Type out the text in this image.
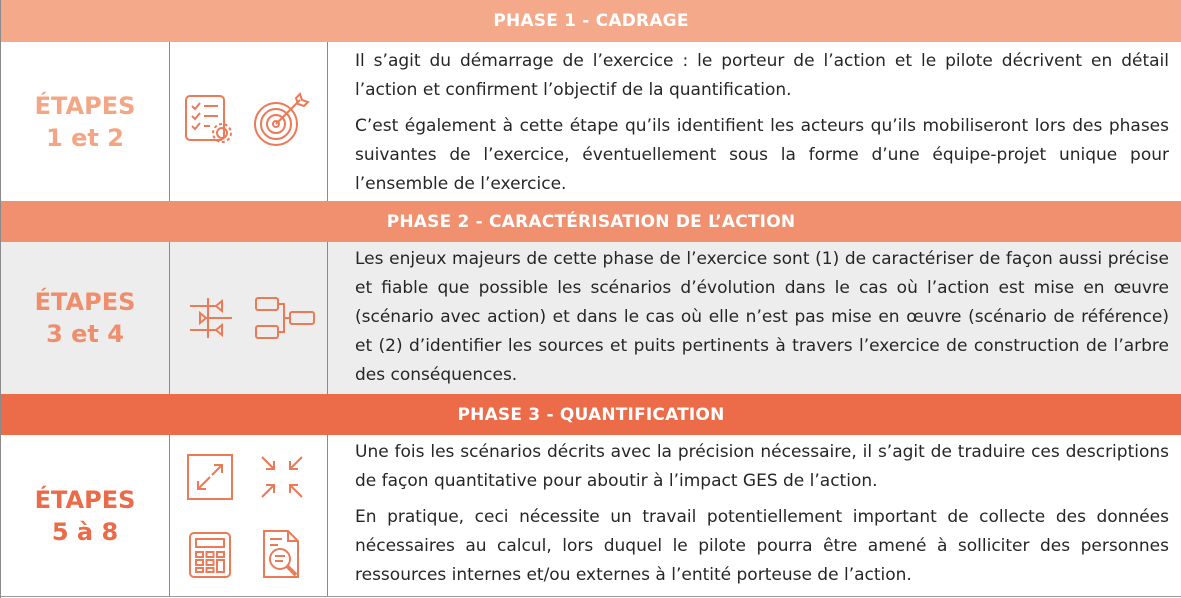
PHASE 1 - CADRAGE
ÉTAPES
1 et 2

Il s’agit du démarrage de l’exercice : le porteur de l’action et le pilote décrivent en détail l’action et confirment l’objectif de la quantification.

C’est également à cette étape qu’ils identifient les acteurs qu’ils mobiliseront lors des phases suivantes de l’exercice, éventuellement sous la forme d’une équipe-projet unique pour l’ensemble de l’exercice.

PHASE 2 - CARACTÉRISATION DE L’ACTION
ÉTAPES
3 et 4

Les enjeux majeurs de cette phase de l’exercice sont (1) de caractériser de façon aussi précise et fiable que possible les scénarios d’évolution dans le cas où l’action est mise en œuvre (scénario avec action) et dans le cas où elle n’est pas mise en œuvre (scénario de référence) et (2) d’identifier les sources et puits pertinents à travers l’exercice de construction de l’arbre des conséquences.

PHASE 3 - QUANTIFICATION
ÉTAPES
5 à 8

Une fois les scénarios décrits avec la précision nécessaire, il s’agit de traduire ces descriptions de façon quantitative pour aboutir à l’impact GES de l’action.

En pratique, ceci nécessite un travail potentiellement important de collecte des données nécessaires au calcul, lors duquel le pilote pourra être amené à solliciter des personnes ressources internes et/ou externes à l’entité porteuse de l’action.
